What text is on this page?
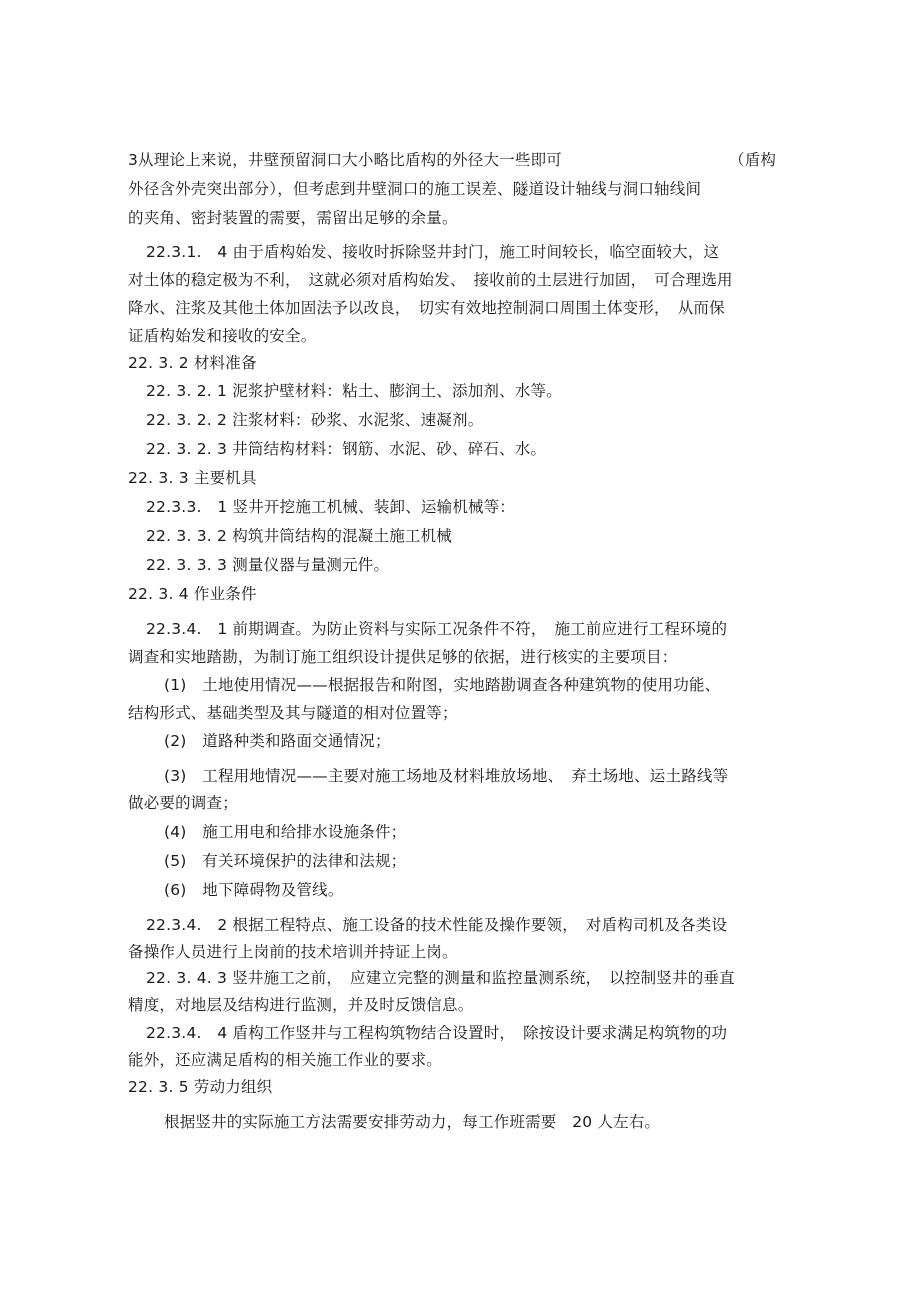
3从理论上来说，井壁预留洞口大小略比盾构的外径大一些即可	（盾构
外径含外壳突出部分），但考虑到井壁洞口的施工误差、隧道设计轴线与洞口轴线间
的夹角、密封装置的需要，需留出足够的余量。
22.3.1.　4 由于盾构始发、接收时拆除竖井封门，施工时间较长，临空面较大，这
对土体的稳定极为不利，　这就必须对盾构始发、　接收前的土层进行加固，　可合理选用
降水、注浆及其他土体加固法予以改良，　切实有效地控制洞口周围土体变形，　从而保
证盾构始发和接收的安全。
22. 3. 2 材料准备
22. 3. 2. 1 泥浆护壁材料：粘土、膨润土、添加剂、水等。
22. 3. 2. 2 注浆材料：砂浆、水泥浆、速凝剂。
22. 3. 2. 3 井筒结构材料：钢筋、水泥、砂、碎石、水。
22. 3. 3 主要机具
22.3.3.　1 竖井开挖施工机械、装卸、运输机械等：
22. 3. 3. 2 构筑井筒结构的混凝土施工机械
22. 3. 3. 3 测量仪器与量测元件。
22. 3. 4 作业条件
22.3.4.　1 前期调查。为防止资料与实际工况条件不符，　施工前应进行工程环境的
调查和实地踏勘，为制订施工组织设计提供足够的依据，进行核实的主要项目：
(1)　土地使用情况——根据报告和附图，实地踏勘调查各种建筑物的使用功能、
结构形式、基础类型及其与隧道的相对位置等；
(2)　道路种类和路面交通情况；
(3)　工程用地情况——主要对施工场地及材料堆放场地、　弃土场地、运土路线等
做必要的调查；
(4)　施工用电和给排水设施条件；
(5)　有关环境保护的法律和法规；
(6)　地下障碍物及管线。
22.3.4.　2 根据工程特点、施工设备的技术性能及操作要领，　对盾构司机及各类设
备操作人员进行上岗前的技术培训并持证上岗。
22. 3. 4. 3 竖井施工之前，　应建立完整的测量和监控量测系统，　以控制竖井的垂直
精度，对地层及结构进行监测，并及时反馈信息。
22.3.4.　4 盾构工作竖井与工程构筑物结合设置时，　除按设计要求满足构筑物的功
能外，还应满足盾构的相关施工作业的要求。
22. 3. 5 劳动力组织
根据竖井的实际施工方法需要安排劳动力，每工作班需要　20 人左右。
